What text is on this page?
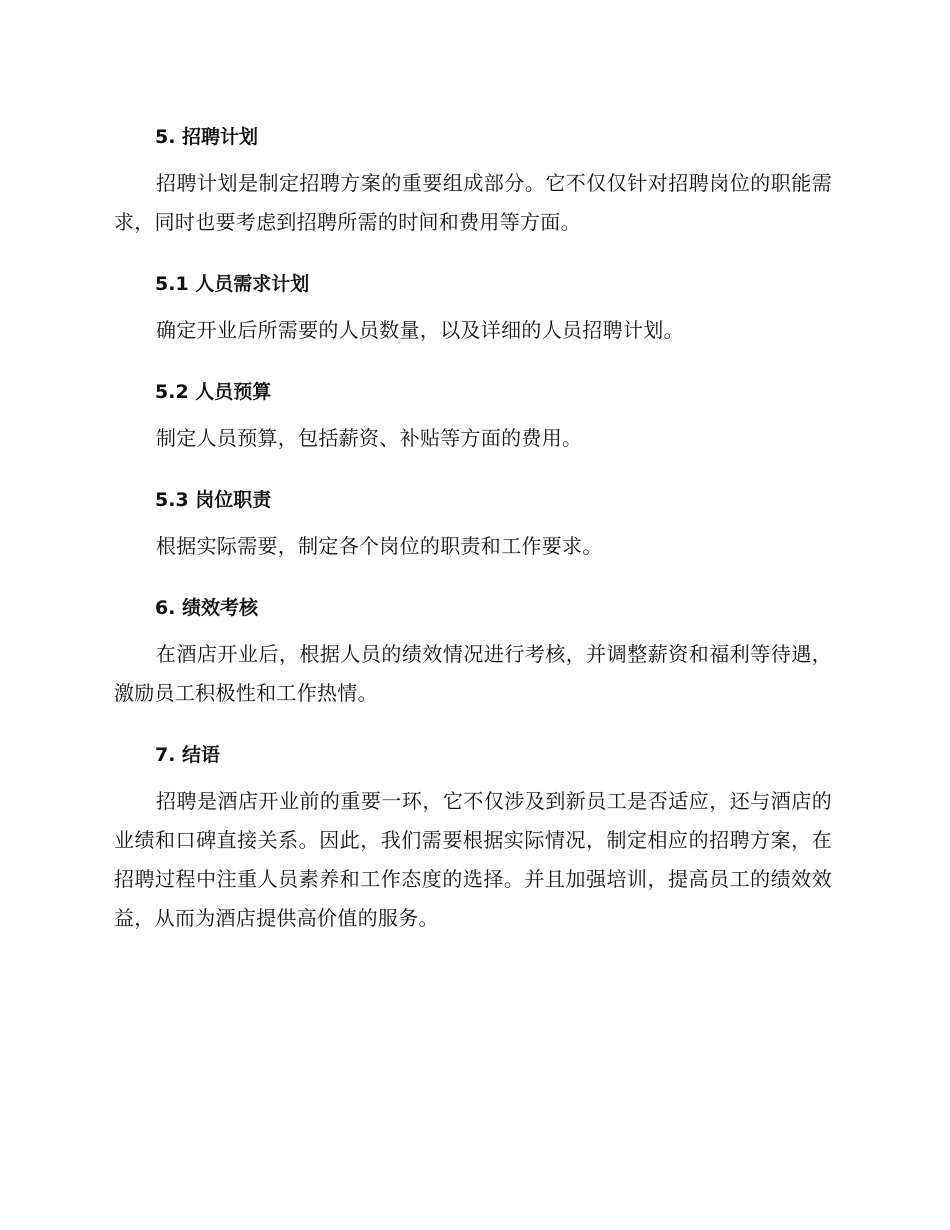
5. 招聘计划

招聘计划是制定招聘方案的重要组成部分。它不仅仅针对招聘岗位的职能需求，同时也要考虑到招聘所需的时间和费用等方面。

5.1 人员需求计划

确定开业后所需要的人员数量，以及详细的人员招聘计划。

5.2 人员预算

制定人员预算，包括薪资、补贴等方面的费用。

5.3 岗位职责

根据实际需要，制定各个岗位的职责和工作要求。

6. 绩效考核

在酒店开业后，根据人员的绩效情况进行考核，并调整薪资和福利等待遇，激励员工积极性和工作热情。

7. 结语

招聘是酒店开业前的重要一环，它不仅涉及到新员工是否适应，还与酒店的业绩和口碑直接关系。因此，我们需要根据实际情况，制定相应的招聘方案，在招聘过程中注重人员素养和工作态度的选择。并且加强培训，提高员工的绩效效益，从而为酒店提供高价值的服务。
